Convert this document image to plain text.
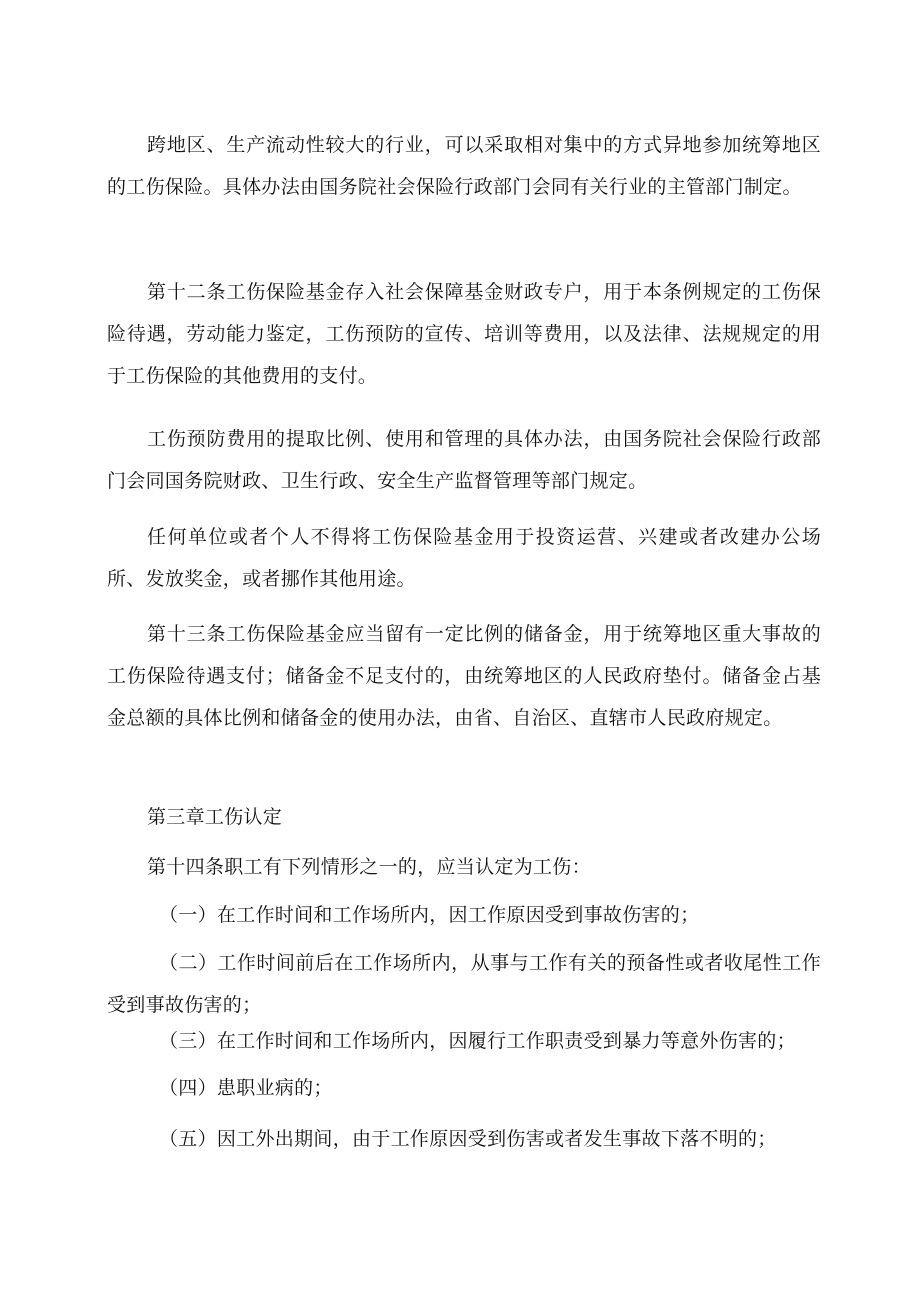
跨地区、生产流动性较大的行业，可以采取相对集中的方式异地参加统筹地区的工伤保险。具体办法由国务院社会保险行政部门会同有关行业的主管部门制定。

第十二条工伤保险基金存入社会保障基金财政专户，用于本条例规定的工伤保险待遇，劳动能力鉴定，工伤预防的宣传、培训等费用，以及法律、法规规定的用于工伤保险的其他费用的支付。

工伤预防费用的提取比例、使用和管理的具体办法，由国务院社会保险行政部门会同国务院财政、卫生行政、安全生产监督管理等部门规定。

任何单位或者个人不得将工伤保险基金用于投资运营、兴建或者改建办公场所、发放奖金，或者挪作其他用途。

第十三条工伤保险基金应当留有一定比例的储备金，用于统筹地区重大事故的工伤保险待遇支付；储备金不足支付的，由统筹地区的人民政府垫付。储备金占基金总额的具体比例和储备金的使用办法，由省、自治区、直辖市人民政府规定。

第三章工伤认定

第十四条职工有下列情形之一的，应当认定为工伤：

（一）在工作时间和工作场所内，因工作原因受到事故伤害的；

（二）工作时间前后在工作场所内，从事与工作有关的预备性或者收尾性工作受到事故伤害的；

（三）在工作时间和工作场所内，因履行工作职责受到暴力等意外伤害的；

（四）患职业病的；

（五）因工外出期间，由于工作原因受到伤害或者发生事故下落不明的；
